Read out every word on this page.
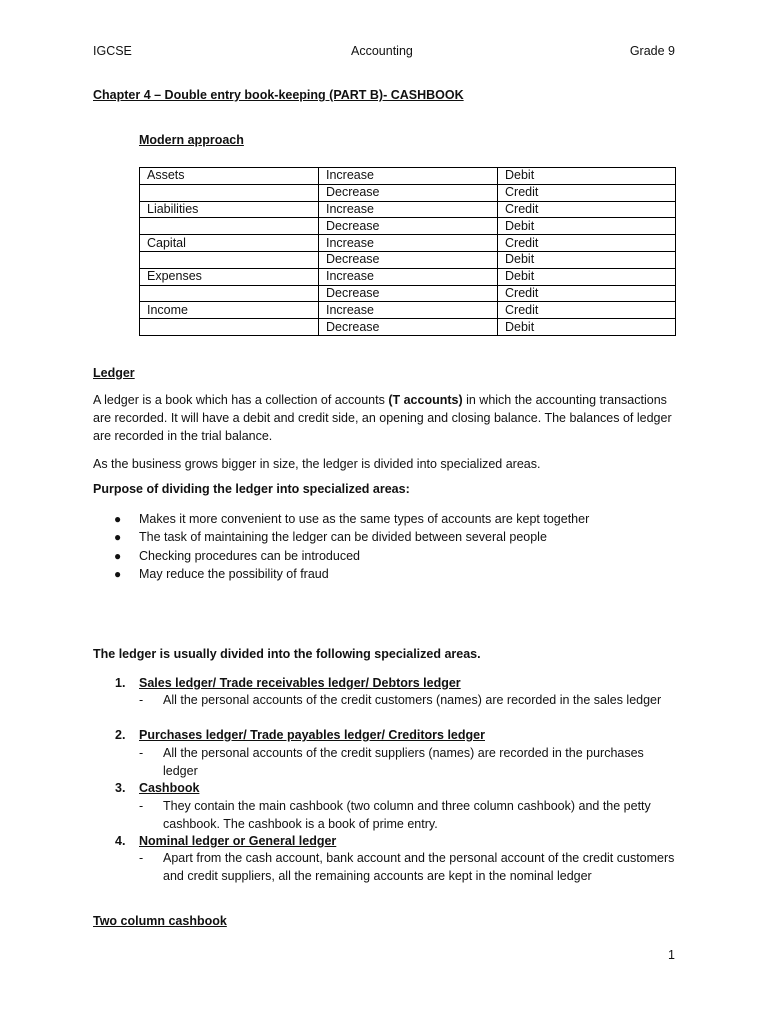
IGCSE	Accounting	Grade 9
Chapter 4 – Double entry book-keeping (PART B)- CASHBOOK
Modern approach
Assets	Increase	Debit
	Decrease	Credit
Liabilities	Increase	Credit
	Decrease	Debit
Capital	Increase	Credit
	Decrease	Debit
Expenses	Increase	Debit
	Decrease	Credit
Income	Increase	Credit
	Decrease	Debit
Ledger
A ledger is a book which has a collection of accounts (T accounts) in which the accounting transactions are recorded. It will have a debit and credit side, an opening and closing balance. The balances of ledger are recorded in the trial balance.
As the business grows bigger in size, the ledger is divided into specialized areas.
Purpose of dividing the ledger into specialized areas:
● Makes it more convenient to use as the same types of accounts are kept together
● The task of maintaining the ledger can be divided between several people
● Checking procedures can be introduced
● May reduce the possibility of fraud
The ledger is usually divided into the following specialized areas.
1. Sales ledger/ Trade receivables ledger/ Debtors ledger
-	All the personal accounts of the credit customers (names) are recorded in the sales ledger
2. Purchases ledger/ Trade payables ledger/ Creditors ledger
-	All the personal accounts of the credit suppliers (names) are recorded in the purchases ledger
3. Cashbook
-	They contain the main cashbook (two column and three column cashbook) and the petty cashbook. The cashbook is a book of prime entry.
4. Nominal ledger or General ledger
-	Apart from the cash account, bank account and the personal account of the credit customers and credit suppliers, all the remaining accounts are kept in the nominal ledger
Two column cashbook
1
